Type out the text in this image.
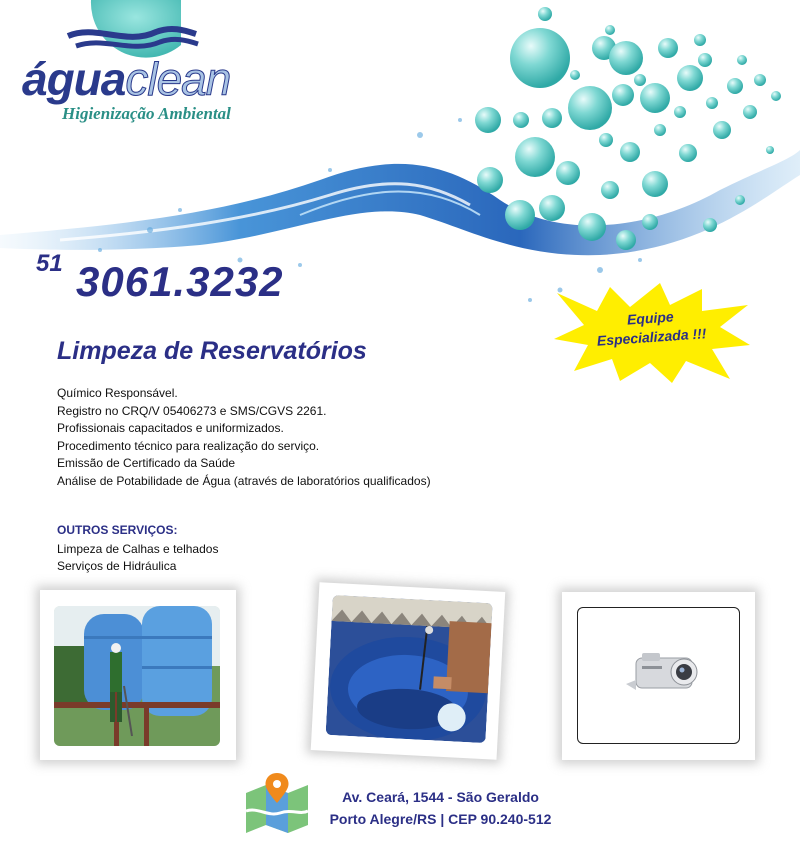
águaclean
Higienização Ambiental
51 3061.3232
Equipe
Especializada !!!
Limpeza de Reservatórios
Químico Responsável.
Registro no CRQ/V 05406273 e SMS/CGVS 2261.
Profissionais capacitados e uniformizados.
Procedimento técnico para realização do serviço.
Emissão de Certificado da Saúde
Análise de Potabilidade de Água (através de laboratórios qualificados)
OUTROS SERVIÇOS:
Limpeza de Calhas e telhados
Serviços de Hidráulica
Av. Ceará, 1544 - São Geraldo
Porto Alegre/RS | CEP 90.240-512
